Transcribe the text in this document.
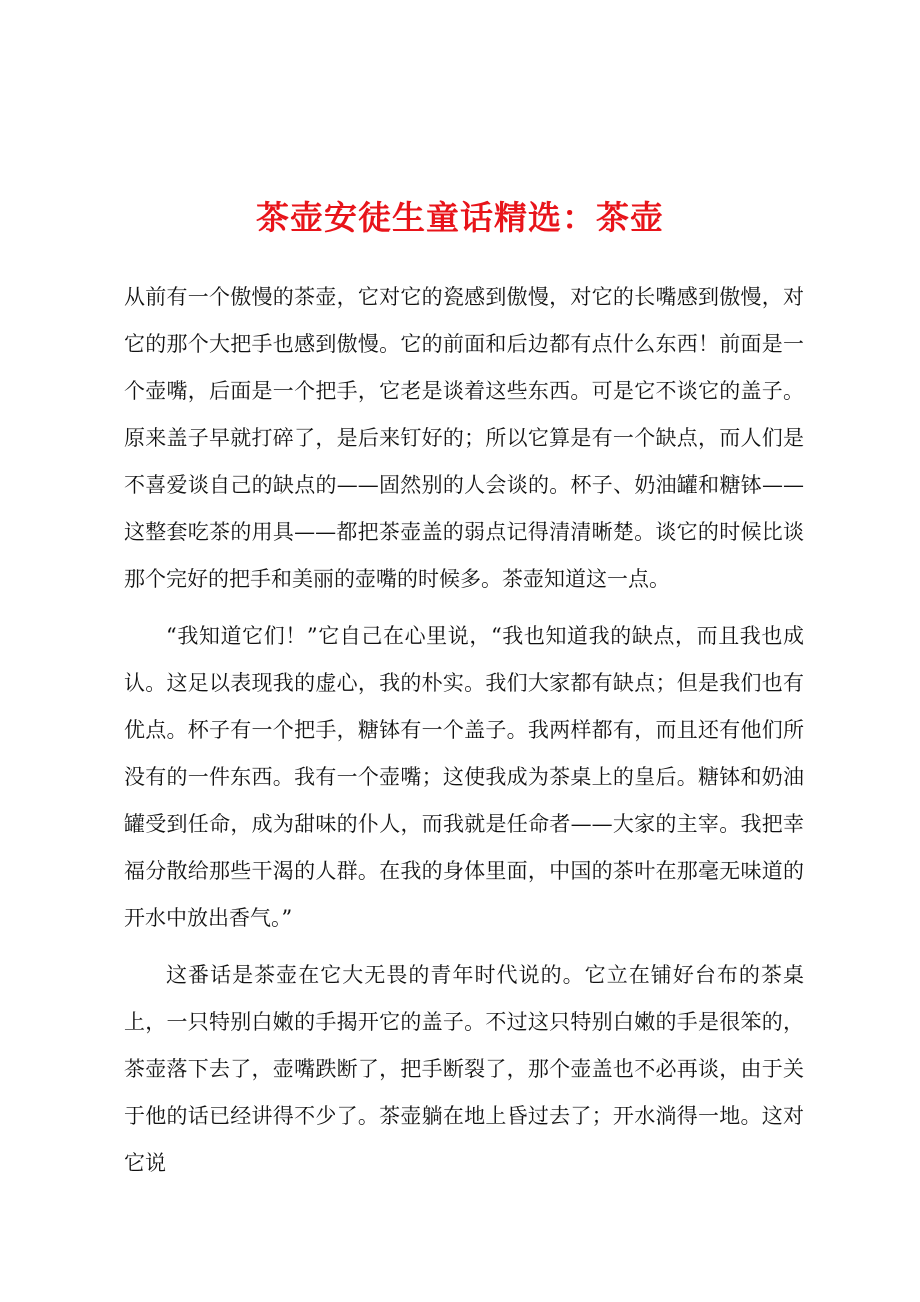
茶壶安徒生童话精选：茶壶

从前有一个傲慢的茶壶，它对它的瓷感到傲慢，对它的长嘴感到傲慢，对它的那个大把手也感到傲慢。它的前面和后边都有点什么东西！前面是一个壶嘴，后面是一个把手，它老是谈着这些东西。可是它不谈它的盖子。原来盖子早就打碎了，是后来钉好的；所以它算是有一个缺点，而人们是不喜爱谈自己的缺点的——固然别的人会谈的。杯子、奶油罐和糖钵——这整套吃茶的用具——都把茶壶盖的弱点记得清清晰楚。谈它的时候比谈那个完好的把手和美丽的壶嘴的时候多。茶壶知道这一点。

“我知道它们！”它自己在心里说，“我也知道我的缺点，而且我也成认。这足以表现我的虚心，我的朴实。我们大家都有缺点；但是我们也有优点。杯子有一个把手，糖钵有一个盖子。我两样都有，而且还有他们所没有的一件东西。我有一个壶嘴；这使我成为茶桌上的皇后。糖钵和奶油罐受到任命，成为甜味的仆人，而我就是任命者——大家的主宰。我把幸福分散给那些干渴的人群。在我的身体里面，中国的茶叶在那毫无味道的开水中放出香气。”

这番话是茶壶在它大无畏的青年时代说的。它立在铺好台布的茶桌上，一只特别白嫩的手揭开它的盖子。不过这只特别白嫩的手是很笨的，茶壶落下去了，壶嘴跌断了，把手断裂了，那个壶盖也不必再谈，由于关于他的话已经讲得不少了。茶壶躺在地上昏过去了；开水淌得一地。这对它说
